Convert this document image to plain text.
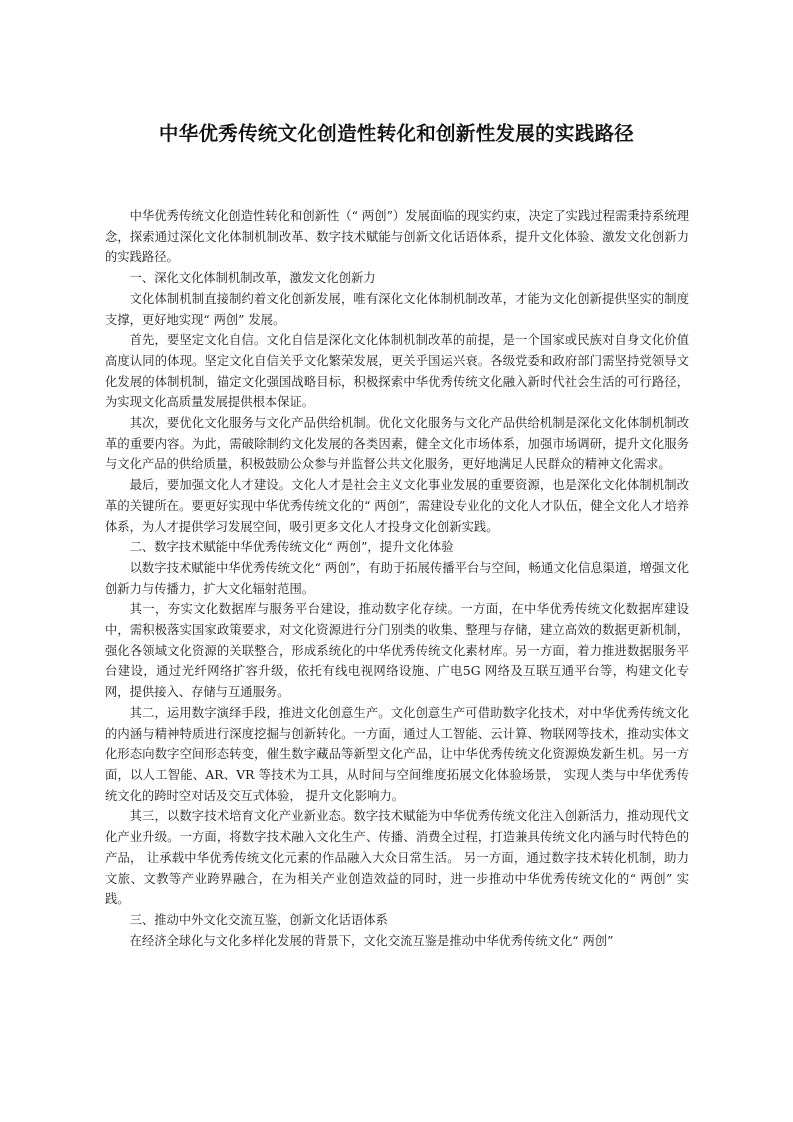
中华优秀传统文化创造性转化和创新性发展的实践路径

中华优秀传统文化创造性转化和创新性（“ 两创”）发展面临的现实约束，决定了实践过程需秉持系统理念，探索通过深化文化体制机制改革、数字技术赋能与创新文化话语体系，提升文化体验、激发文化创新力的实践路径。

一、深化文化体制机制改革，激发文化创新力

文化体制机制直接制约着文化创新发展，唯有深化文化体制机制改革，才能为文化创新提供坚实的制度支撑，更好地实现“ 两创” 发展。

首先，要坚定文化自信。文化自信是深化文化体制机制改革的前提，是一个国家或民族对自身文化价值高度认同的体现。坚定文化自信关乎文化繁荣发展，更关乎国运兴衰。各级党委和政府部门需坚持党领导文化发展的体制机制，锚定文化强国战略目标，积极探索中华优秀传统文化融入新时代社会生活的可行路径，为实现文化高质量发展提供根本保证。

其次，要优化文化服务与文化产品供给机制。优化文化服务与文化产品供给机制是深化文化体制机制改革的重要内容。为此，需破除制约文化发展的各类因素，健全文化市场体系，加强市场调研，提升文化服务与文化产品的供给质量，积极鼓励公众参与并监督公共文化服务，更好地满足人民群众的精神文化需求。

最后，要加强文化人才建设。文化人才是社会主义文化事业发展的重要资源，也是深化文化体制机制改革的关键所在。要更好实现中华优秀传统文化的“ 两创”，需建设专业化的文化人才队伍，健全文化人才培养体系，为人才提供学习发展空间，吸引更多文化人才投身文化创新实践。

二、数字技术赋能中华优秀传统文化“ 两创”，提升文化体验

以数字技术赋能中华优秀传统文化“ 两创”，有助于拓展传播平台与空间，畅通文化信息渠道，增强文化创新力与传播力，扩大文化辐射范围。

其一，夯实文化数据库与服务平台建设，推动数字化存续。一方面，在中华优秀传统文化数据库建设中，需积极落实国家政策要求，对文化资源进行分门别类的收集、整理与存储，建立高效的数据更新机制，强化各领域文化资源的关联整合，形成系统化的中华优秀传统文化素材库。另一方面，着力推进数据服务平台建设，通过光纤网络扩容升级，依托有线电视网络设施、广电5G 网络及互联互通平台等，构建文化专网，提供接入、存储与互通服务。

其二，运用数字演绎手段，推进文化创意生产。文化创意生产可借助数字化技术，对中华优秀传统文化的内涵与精神特质进行深度挖掘与创新转化。一方面，通过人工智能、云计算、物联网等技术，推动实体文化形态向数字空间形态转变，催生数字藏品等新型文化产品，让中华优秀传统文化资源焕发新生机。另一方面，以人工智能、AR、VR 等技术为工具，从时间与空间维度拓展文化体验场景， 实现人类与中华优秀传统文化的跨时空对话及交互式体验， 提升文化影响力。

其三，以数字技术培育文化产业新业态。数字技术赋能为中华优秀传统文化注入创新活力，推动现代文化产业升级。一方面，将数字技术融入文化生产、传播、消费全过程，打造兼具传统文化内涵与时代特色的产品， 让承载中华优秀传统文化元素的作品融入大众日常生活。 另一方面，通过数字技术转化机制，助力文旅、文教等产业跨界融合，在为相关产业创造效益的同时，进一步推动中华优秀传统文化的“ 两创” 实践。

三、推动中外文化交流互鉴，创新文化话语体系

在经济全球化与文化多样化发展的背景下，文化交流互鉴是推动中华优秀传统文化“ 两创”
